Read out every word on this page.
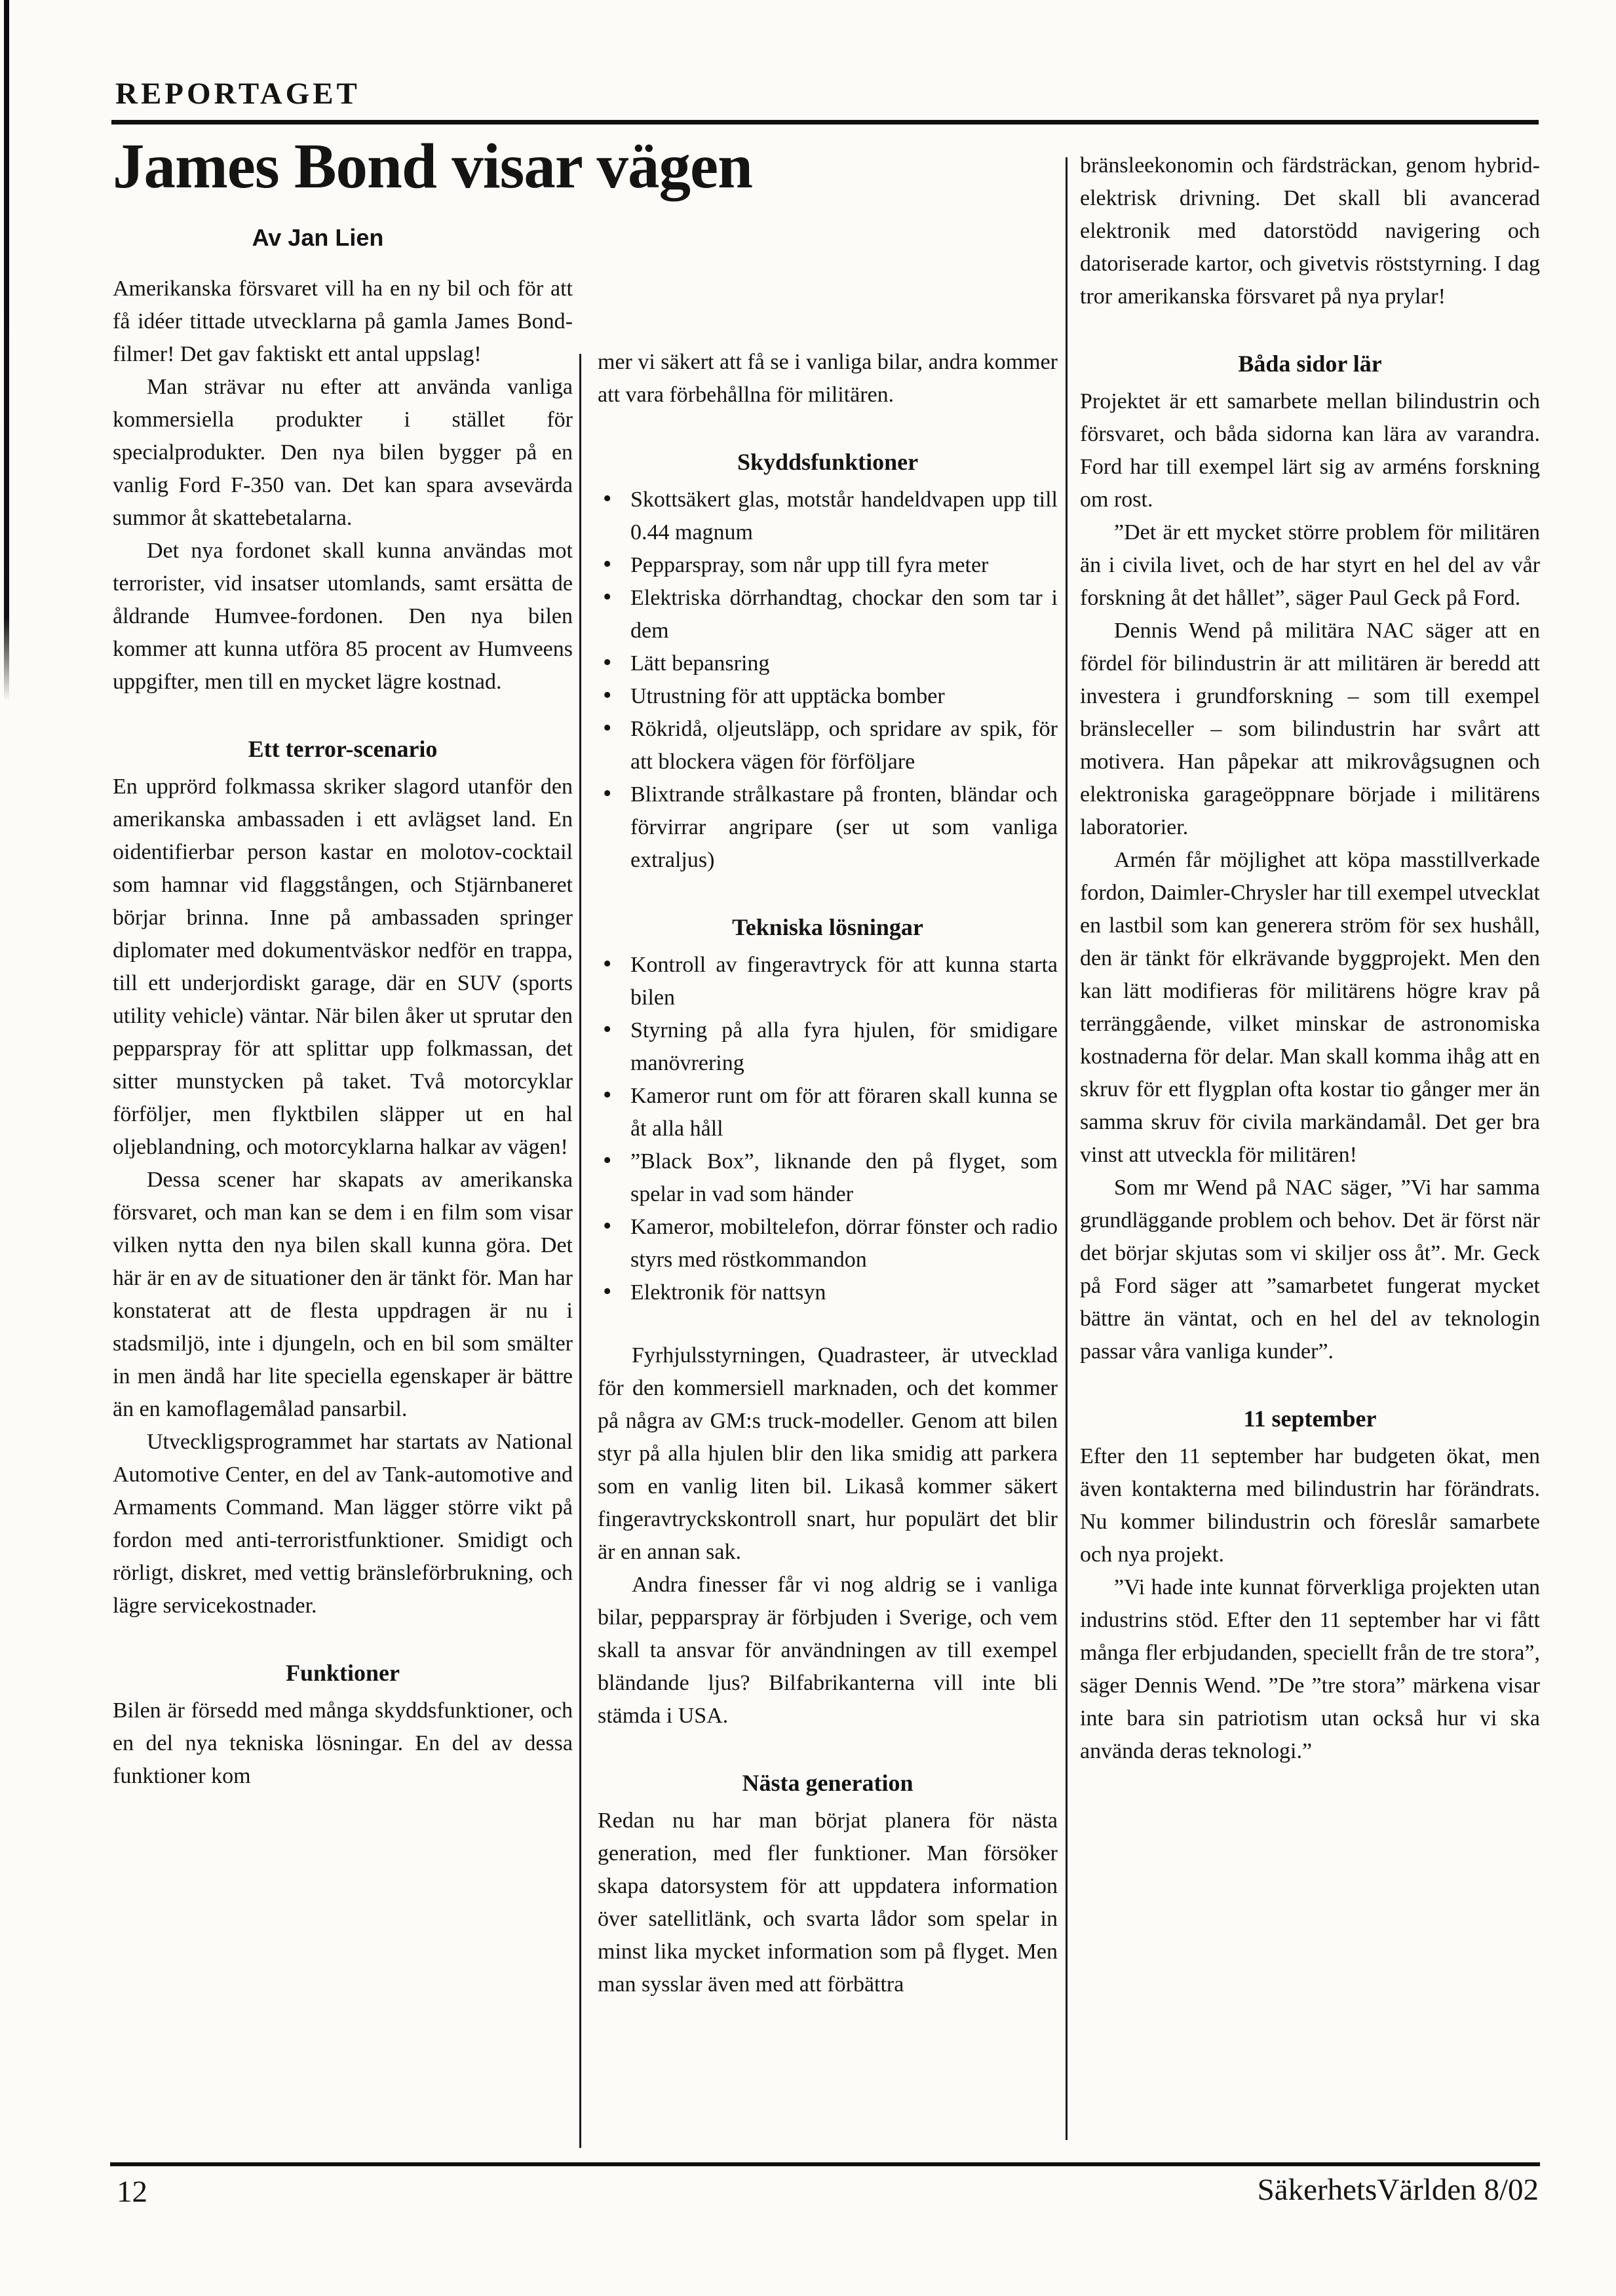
REPORTAGET
James Bond visar vägen
Av Jan Lien

Amerikanska försvaret vill ha en ny bil och för att få idéer tittade utvecklarna på gamla James Bond-filmer! Det gav faktiskt ett antal uppslag!

Man strävar nu efter att använda vanliga kommersiella produkter i stället för specialprodukter. Den nya bilen bygger på en vanlig Ford F-350 van. Det kan spara avsevärda summor åt skattebetalarna.

Det nya fordonet skall kunna användas mot terrorister, vid insatser utomlands, samt ersätta de åldrande Humvee-fordonen. Den nya bilen kommer att kunna utföra 85 procent av Humveens uppgifter, men till en mycket lägre kostnad.

Ett terror-scenario

En upprörd folkmassa skriker slagord utanför den amerikanska ambassaden i ett avlägset land. En oidentifierbar person kastar en molotov-cocktail som hamnar vid flaggstången, och Stjärnbaneret börjar brinna. Inne på ambassaden springer diplomater med dokumentväskor nedför en trappa, till ett underjordiskt garage, där en SUV (sports utility vehicle) väntar. När bilen åker ut sprutar den pepparspray för att splittar upp folkmassan, det sitter munstycken på taket. Två motorcyklar förföljer, men flyktbilen släpper ut en hal oljeblandning, och motorcyklarna halkar av vägen!

Dessa scener har skapats av amerikanska försvaret, och man kan se dem i en film som visar vilken nytta den nya bilen skall kunna göra. Det här är en av de situationer den är tänkt för. Man har konstaterat att de flesta uppdragen är nu i stadsmiljö, inte i djungeln, och en bil som smälter in men ändå har lite speciella egenskaper är bättre än en kamoflagemålad pansarbil.

Utveckligsprogrammet har startats av National Automotive Center, en del av Tank-automotive and Armaments Command. Man lägger större vikt på fordon med anti-terroristfunktioner. Smidigt och rörligt, diskret, med vettig bränsleförbrukning, och lägre servicekostnader.

Funktioner

Bilen är försedd med många skyddsfunktioner, och en del nya tekniska lösningar. En del av dessa funktioner kom

mer vi säkert att få se i vanliga bilar, andra kommer att vara förbehållna för militären.

Skyddsfunktioner
• Skottsäkert glas, motstår handeldvapen upp till 0.44 magnum
• Pepparspray, som når upp till fyra meter
• Elektriska dörrhandtag, chockar den som tar i dem
• Lätt bepansring
• Utrustning för att upptäcka bomber
• Rökridå, oljeutsläpp, och spridare av spik, för att blockera vägen för förföljare
• Blixtrande strålkastare på fronten, bländar och förvirrar angripare (ser ut som vanliga extraljus)
Tekniska lösningar
• Kontroll av fingeravtryck för att kunna starta bilen
• Styrning på alla fyra hjulen, för smidigare manövrering
• Kameror runt om för att föraren skall kunna se åt alla håll
• ”Black Box”, liknande den på flyget, som spelar in vad som händer
• Kameror, mobiltelefon, dörrar fönster och radio styrs med röstkommandon
• Elektronik för nattsyn

Fyrhjulsstyrningen, Quadrasteer, är utvecklad för den kommersiell marknaden, och det kommer på några av GM:s truck-modeller. Genom att bilen styr på alla hjulen blir den lika smidig att parkera som en vanlig liten bil. Likaså kommer säkert fingeravtryckskontroll snart, hur populärt det blir är en annan sak.

Andra finesser får vi nog aldrig se i vanliga bilar, pepparspray är förbjuden i Sverige, och vem skall ta ansvar för användningen av till exempel bländande ljus? Bilfabrikanterna vill inte bli stämda i USA.

Nästa generation

Redan nu har man börjat planera för nästa generation, med fler funktioner. Man försöker skapa datorsystem för att uppdatera information över satellitlänk, och svarta lådor som spelar in minst lika mycket information som på flyget. Men man sysslar även med att förbättra

bränsleekonomin och färdsträckan, genom hybrid-elektrisk drivning. Det skall bli avancerad elektronik med datorstödd navigering och datoriserade kartor, och givetvis röststyrning. I dag tror amerikanska försvaret på nya prylar!

Båda sidor lär

Projektet är ett samarbete mellan bilindustrin och försvaret, och båda sidorna kan lära av varandra. Ford har till exempel lärt sig av arméns forskning om rost.

”Det är ett mycket större problem för militären än i civila livet, och de har styrt en hel del av vår forskning åt det hållet”, säger Paul Geck på Ford.

Dennis Wend på militära NAC säger att en fördel för bilindustrin är att militären är beredd att investera i grundforskning – som till exempel bränsleceller – som bilindustrin har svårt att motivera. Han påpekar att mikrovågsugnen och elektroniska garageöppnare började i militärens laboratorier.

Armén får möjlighet att köpa masstillverkade fordon, Daimler-Chrysler har till exempel utvecklat en lastbil som kan generera ström för sex hushåll, den är tänkt för elkrävande byggprojekt. Men den kan lätt modifieras för militärens högre krav på terränggående, vilket minskar de astronomiska kostnaderna för delar. Man skall komma ihåg att en skruv för ett flygplan ofta kostar tio gånger mer än samma skruv för civila markändamål. Det ger bra vinst att utveckla för militären!

Som mr Wend på NAC säger, ”Vi har samma grundläggande problem och behov. Det är först när det börjar skjutas som vi skiljer oss åt”. Mr. Geck på Ford säger att ”samarbetet fungerat mycket bättre än väntat, och en hel del av teknologin passar våra vanliga kunder”.

11 september

Efter den 11 september har budgeten ökat, men även kontakterna med bilindustrin har förändrats. Nu kommer bilindustrin och föreslår samarbete och nya projekt.

”Vi hade inte kunnat förverkliga projekten utan industrins stöd. Efter den 11 september har vi fått många fler erbjudanden, speciellt från de tre stora”, säger Dennis Wend. ”De ”tre stora” märkena visar inte bara sin patriotism utan också hur vi ska använda deras teknologi.”

12	SäkerhetsVärlden 8/02
